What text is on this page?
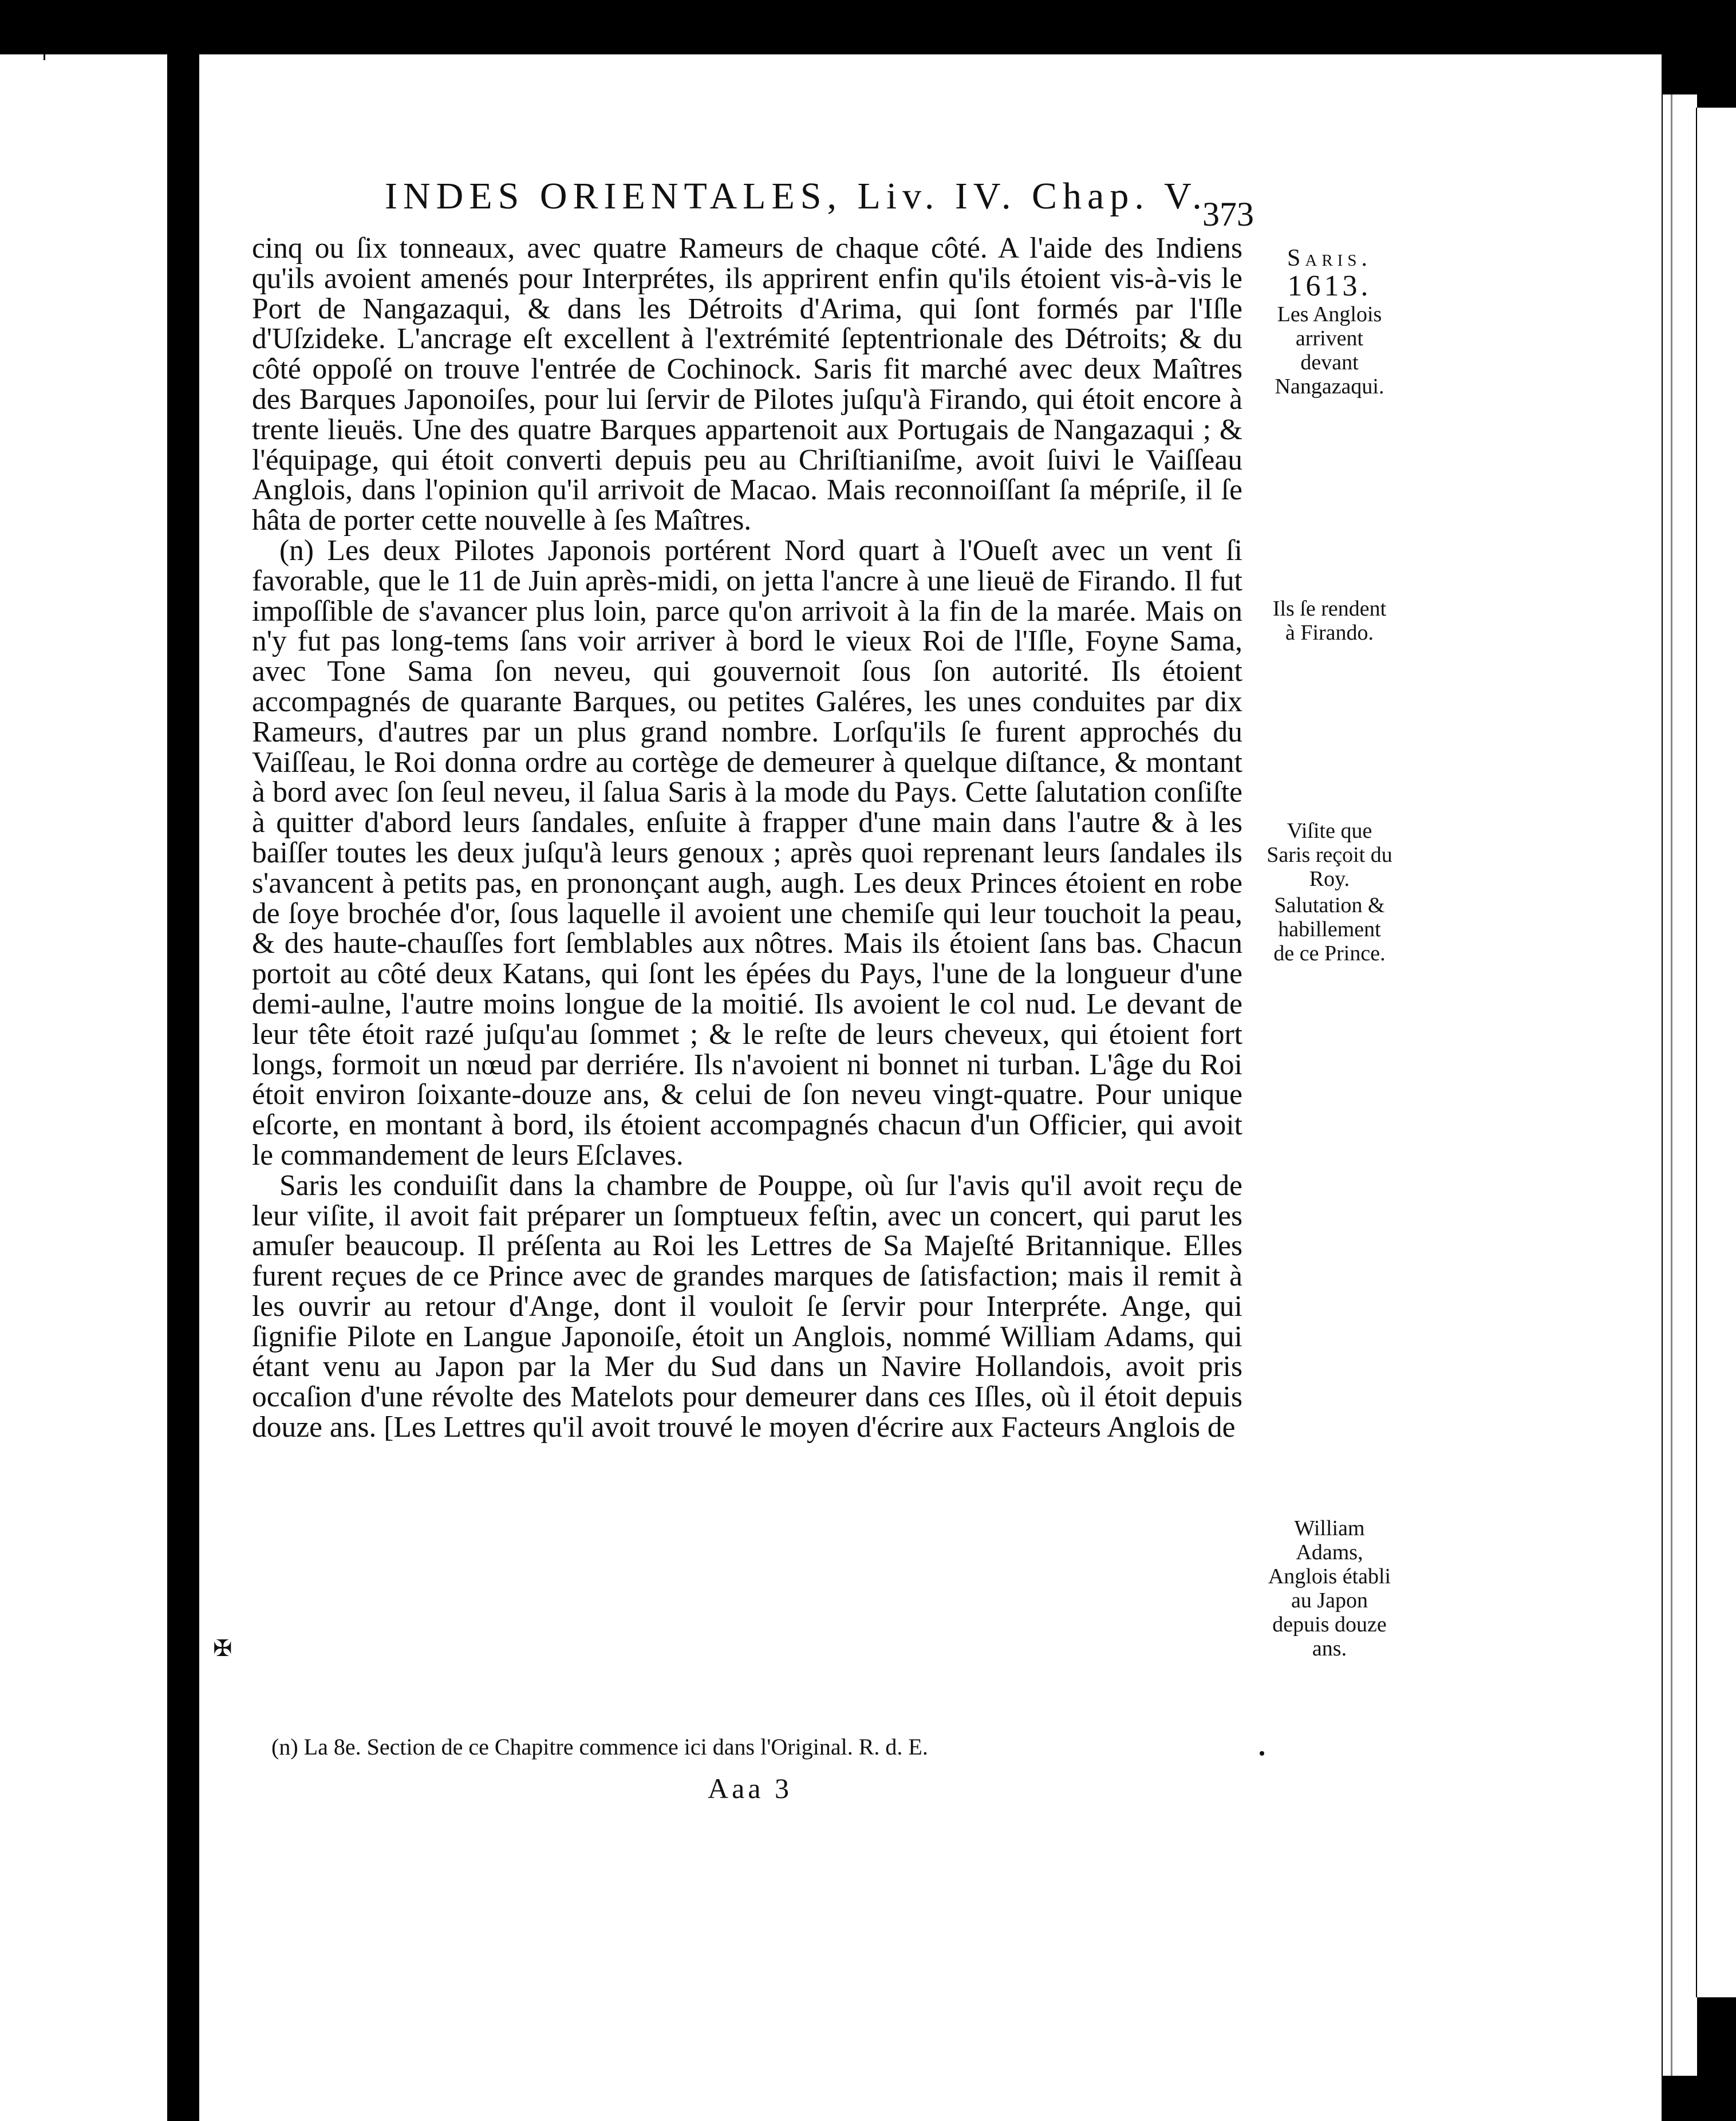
INDES ORIENTALES, Liv. IV. Chap. V.
373

cinq ou ſix tonneaux, avec quatre Rameurs de chaque côté. A l'aide des Indiens qu'ils avoient amenés pour Interprétes, ils apprirent enfin qu'ils étoient vis-à-vis le Port de Nangazaqui, & dans les Détroits d'Arima, qui ſont formés par l'Iſle d'Uſzideke. L'ancrage eſt excellent à l'extrémité ſeptentrionale des Détroits; & du côté oppoſé on trouve l'entrée de Cochinock. Saris fit marché avec deux Maîtres des Barques Japonoiſes, pour lui ſervir de Pilotes juſqu'à Firando, qui étoit encore à trente lieuës. Une des quatre Barques appartenoit aux Portugais de Nangazaqui ; & l'équipage, qui étoit converti depuis peu au Chriſtianiſme, avoit ſuivi le Vaiſſeau Anglois, dans l'opinion qu'il arrivoit de Macao. Mais reconnoiſſant ſa mépriſe, il ſe hâta de porter cette nouvelle à ſes Maîtres.

(n) Les deux Pilotes Japonois portérent Nord quart à l'Oueſt avec un vent ſi favorable, que le 11 de Juin après-midi, on jetta l'ancre à une lieuë de Firando. Il fut impoſſible de s'avancer plus loin, parce qu'on arrivoit à la fin de la marée. Mais on n'y fut pas long-tems ſans voir arriver à bord le vieux Roi de l'Iſle, Foyne Sama, avec Tone Sama ſon neveu, qui gouvernoit ſous ſon autorité. Ils étoient accompagnés de quarante Barques, ou petites Galéres, les unes conduites par dix Rameurs, d'autres par un plus grand nombre. Lorſqu'ils ſe furent approchés du Vaiſſeau, le Roi donna ordre au cortège de demeurer à quelque diſtance, & montant à bord avec ſon ſeul neveu, il ſalua Saris à la mode du Pays. Cette ſalutation conſiſte à quitter d'abord leurs ſandales, enſuite à frapper d'une main dans l'autre & à les baiſſer toutes les deux juſqu'à leurs genoux ; après quoi reprenant leurs ſandales ils s'avancent à petits pas, en prononçant augh, augh. Les deux Princes étoient en robe de ſoye brochée d'or, ſous laquelle il avoient une chemiſe qui leur touchoit la peau, & des haute-chauſſes fort ſemblables aux nôtres. Mais ils étoient ſans bas. Chacun portoit au côté deux Katans, qui ſont les épées du Pays, l'une de la longueur d'une demi-aulne, l'autre moins longue de la moitié. Ils avoient le col nud. Le devant de leur tête étoit razé juſqu'au ſommet ; & le reſte de leurs cheveux, qui étoient fort longs, formoit un nœud par derriére. Ils n'avoient ni bonnet ni turban. L'âge du Roi étoit environ ſoixante-douze ans, & celui de ſon neveu vingt-quatre. Pour unique eſcorte, en montant à bord, ils étoient accompagnés chacun d'un Officier, qui avoit le commandement de leurs Eſclaves.

Saris les conduiſit dans la chambre de Pouppe, où ſur l'avis qu'il avoit reçu de leur viſite, il avoit fait préparer un ſomptueux feſtin, avec un concert, qui parut les amuſer beaucoup. Il préſenta au Roi les Lettres de Sa Majeſté Britannique. Elles furent reçues de ce Prince avec de grandes marques de ſatisfaction; mais il remit à les ouvrir au retour d'Ange, dont il vouloit ſe ſervir pour Interpréte. Ange, qui ſignifie Pilote en Langue Japonoiſe, étoit un Anglois, nommé William Adams, qui étant venu au Japon par la Mer du Sud dans un Navire Hollandois, avoit pris occaſion d'une révolte des Matelots pour demeurer dans ces Iſles, où il étoit depuis douze ans. [Les Lettres qu'il avoit trouvé le moyen d'écrire aux Facteurs Anglois de

Saris.
1613.
Les Anglois arrivent devant Nangazaqui.
Ils ſe rendent à Firando.
Viſite que Saris reçoit du Roy.
Salutation & habillement de ce Prince.
William Adams, Anglois établi au Japon depuis douze ans.
✠
(n) La 8e. Section de ce Chapitre commence ici dans l'Original. R. d. E.
Aaa 3
